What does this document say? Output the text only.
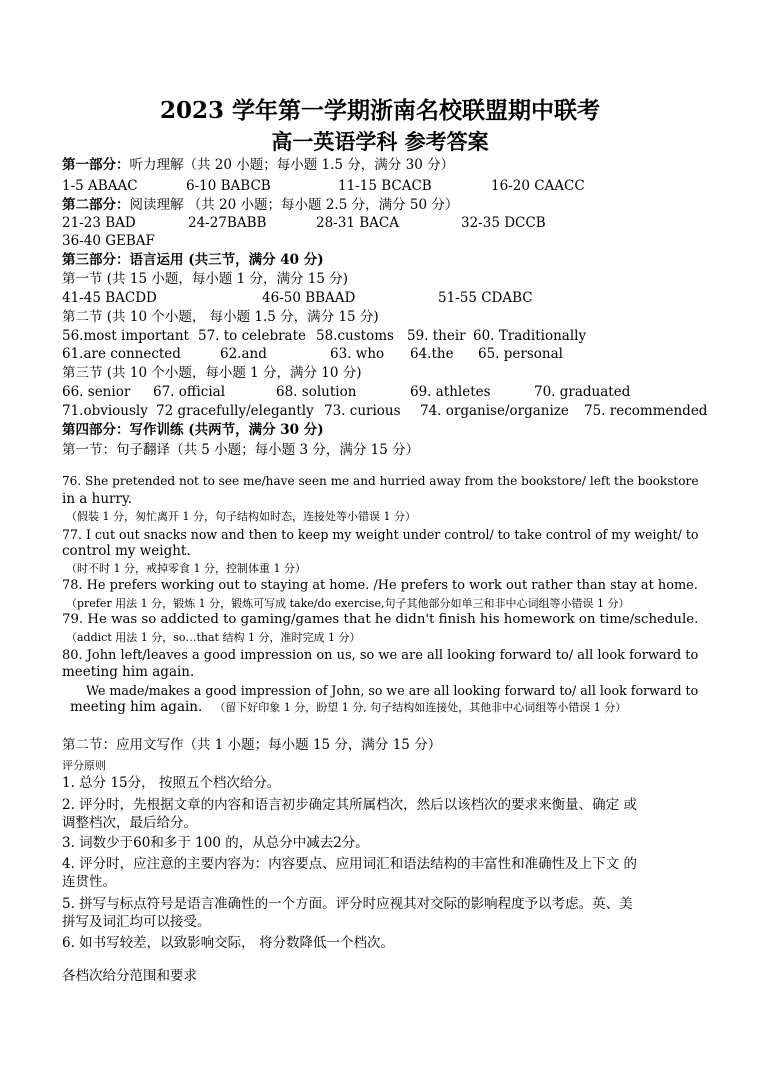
2023 学年第一学期浙南名校联盟期中联考
高一英语学科 参考答案
第一部分：听力理解（共 20 小题；每小题 1.5 分，满分 30 分）
1-5 ABAAC	6-10 BABCB	11-15 BCACB	16-20 CAACC
第二部分：阅读理解 （共 20 小题；每小题 2.5 分，满分 50 分）
21-23 BAD	24-27BABB	28-31 BACA	32-35 DCCB
36-40 GEBAF
第三部分：语言运用 (共三节，满分 40 分)
第一节 (共 15 小题，每小题 1 分，满分 15 分)
41-45 BACDD	46-50 BBAAD	51-55 CDABC
第二节 (共 10 个小题， 每小题 1.5 分，满分 15 分)
56.most important 57. to celebrate 58.customs 59. their 60. Traditionally
61.are connected	62.and	63. who 64.the 65. personal
第三节 (共 10 个小题，每小题 1 分，满分 10 分)
66. senior 67. official	68. solution	69. athletes	70. graduated
71.obviously 72 gracefully/elegantly 73. curious 74. organise/organize 75. recommended
第四部分：写作训练 (共两节，满分 30 分)
第一节：句子翻译（共 5 小题；每小题 3 分，满分 15 分）
76. She pretended not to see me/have seen me and hurried away from the bookstore/ left the bookstore
in a hurry.
（假装 1 分，匆忙离开 1 分，句子结构如时态，连接处等小错误 1 分）
77. I cut out snacks now and then to keep my weight under control/ to take control of my weight/ to
control my weight.
（时不时 1 分，戒掉零食 1 分，控制体重 1 分）
78. He prefers working out to staying at home. /He prefers to work out rather than stay at home.
（prefer 用法 1 分，锻炼 1 分，锻炼可写成 take/do exercise,句子其他部分如单三和非中心词组等小错误 1 分）
79. He was so addicted to gaming/games that he didn't finish his homework on time/schedule.
（addict 用法 1 分，so…that 结构 1 分，准时完成 1 分）
80. John left/leaves a good impression on us, so we are all looking forward to/ all look forward to
meeting him again.
We made/makes a good impression of John, so we are all looking forward to/ all look forward to
meeting him again. （留下好印象 1 分，盼望 1 分, 句子结构如连接处，其他非中心词组等小错误 1 分）
第二节：应用文写作（共 1 小题；每小题 15 分，满分 15 分）
评分原则
1. 总分 15分， 按照五个档次给分。
2. 评分时，先根据文章的内容和语言初步确定其所属档次，然后以该档次的要求来衡量、确定 或
调整档次，最后给分。
3. 词数少于60和多于 100 的，从总分中减去2分。
4. 评分时，应注意的主要内容为：内容要点、应用词汇和语法结构的丰富性和准确性及上下文 的
连贯性。
5. 拼写与标点符号是语言准确性的一个方面。评分时应视其对交际的影响程度予以考虑。英、美
拼写及词汇均可以接受。
6. 如书写较差，以致影响交际， 将分数降低一个档次。
各档次给分范围和要求
